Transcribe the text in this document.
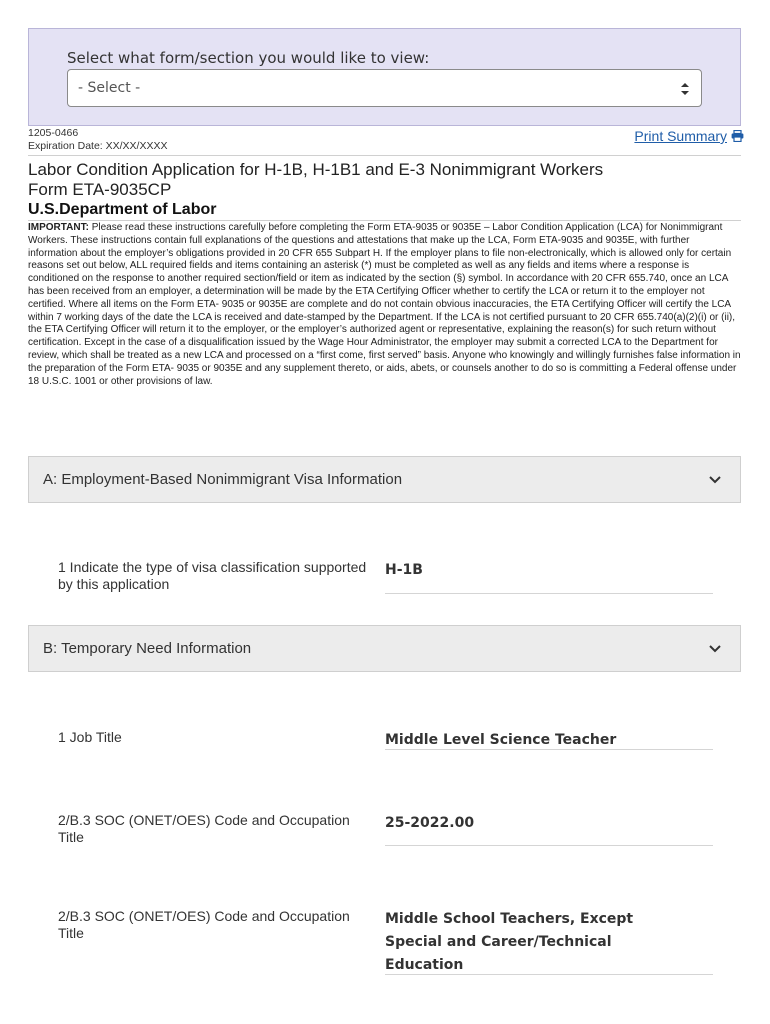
Select what form/section you would like to view:
- Select -
1205-0466
Expiration Date: XX/XX/XXXX
Print Summary
Labor Condition Application for H-1B, H-1B1 and E-3 Nonimmigrant Workers
Form ETA-9035CP
U.S.Department of Labor
IMPORTANT: Please read these instructions carefully before completing the Form ETA-9035 or 9035E – Labor Condition Application (LCA) for Nonimmigrant Workers. These instructions contain full explanations of the questions and attestations that make up the LCA, Form ETA-9035 and 9035E, with further information about the employer’s obligations provided in 20 CFR 655 Subpart H. If the employer plans to file non-electronically, which is allowed only for certain reasons set out below, ALL required fields and items containing an asterisk (*) must be completed as well as any fields and items where a response is conditioned on the response to another required section/field or item as indicated by the section (§) symbol. In accordance with 20 CFR 655.740, once an LCA has been received from an employer, a determination will be made by the ETA Certifying Officer whether to certify the LCA or return it to the employer not certified. Where all items on the Form ETA- 9035 or 9035E are complete and do not contain obvious inaccuracies, the ETA Certifying Officer will certify the LCA within 7 working days of the date the LCA is received and date-stamped by the Department. If the LCA is not certified pursuant to 20 CFR 655.740(a)(2)(i) or (ii), the ETA Certifying Officer will return it to the employer, or the employer’s authorized agent or representative, explaining the reason(s) for such return without certification. Except in the case of a disqualification issued by the Wage Hour Administrator, the employer may submit a corrected LCA to the Department for review, which shall be treated as a new LCA and processed on a “first come, first served” basis. Anyone who knowingly and willingly furnishes false information in the preparation of the Form ETA- 9035 or 9035E and any supplement thereto, or aids, abets, or counsels another to do so is committing a Federal offense under 18 U.S.C. 1001 or other provisions of law.
A: Employment-Based Nonimmigrant Visa Information
1 Indicate the type of visa classification supported by this application
H-1B
B: Temporary Need Information
1 Job Title	Middle Level Science Teacher
2/B.3 SOC (ONET/OES) Code and Occupation Title
25-2022.00
2/B.3 SOC (ONET/OES) Code and Occupation Title
Middle School Teachers, Except Special and Career/Technical Education
